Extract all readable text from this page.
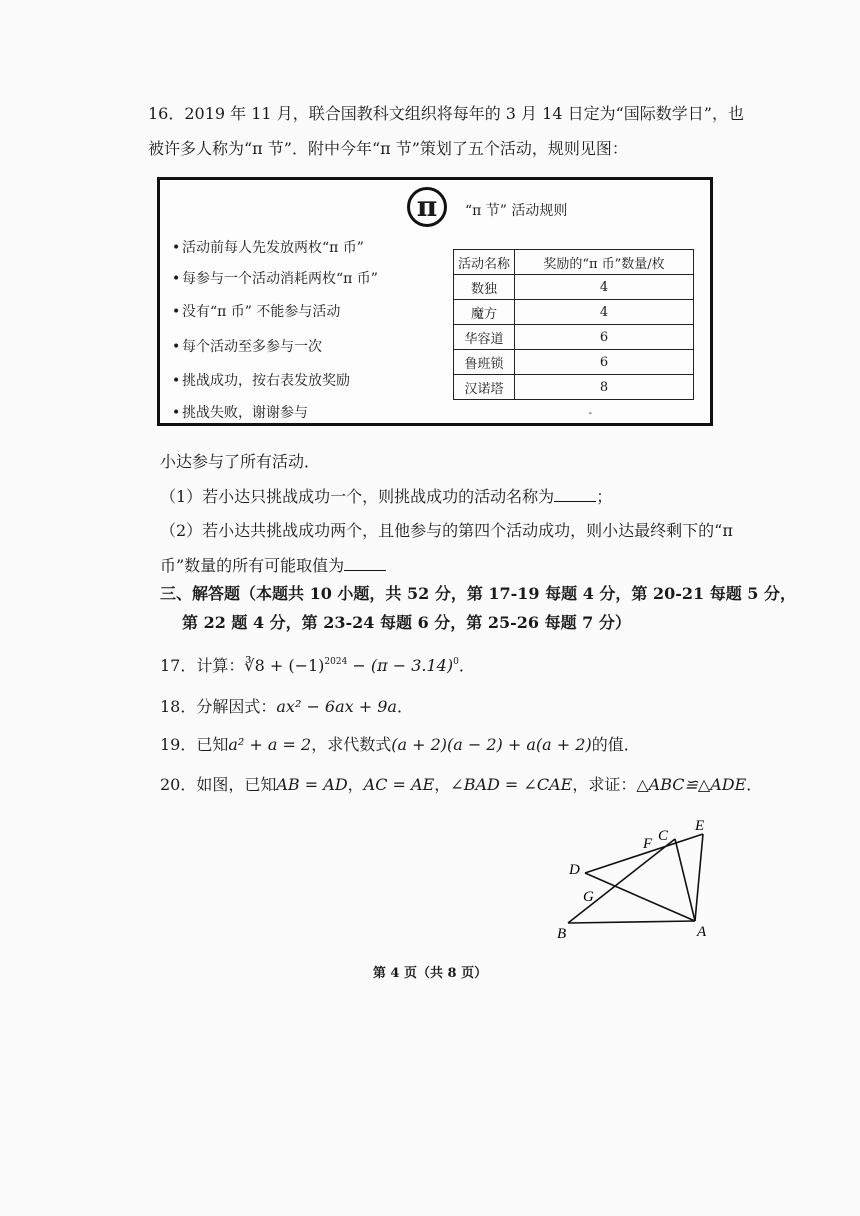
16．2019 年 11 月，联合国教科文组织将每年的 3 月 14 日定为“国际数学日”，也
被许多人称为“π 节”．附中今年“π 节”策划了五个活动，规则见图：
π	“π 节” 活动规则
• 活动前每人先发放两枚“π 币”
• 每参与一个活动消耗两枚“π 币”
• 没有“π 币” 不能参与活动
• 每个活动至多参与一次
• 挑战成功，按右表发放奖励
• 挑战失败，谢谢参与
活动名称	奖励的“π 币”数量/枚
数独	4
魔方	4
华容道	6
鲁班锁	6
汉诺塔	8
-
小达参与了所有活动．
（1）若小达只挑战成功一个，则挑战成功的活动名称为	；
（2）若小达共挑战成功两个，且他参与的第四个活动成功，则小达最终剩下的“π
币”数量的所有可能取值为
三、解答题（本题共 10 小题，共 52 分，第 17-19 每题 4 分，第 20-21 每题 5 分，
第 22 题 4 分，第 23-24 每题 6 分，第 25-26 每题 7 分）
17．计算：∛8 + $(-1)^{2024} - (\pi - 3.14)^0$．
18．分解因式：ax² − 6ax + 9a．
19．已知a² + a = 2，求代数式(a + 2)(a − 2) + a(a + 2)的值．
20．如图，已知AB = AD，AC = AE，∠BAD = ∠CAE，求证：△ABC≌△ADE．
B	A
D
G
F C
E
第 4 页（共 8 页）
